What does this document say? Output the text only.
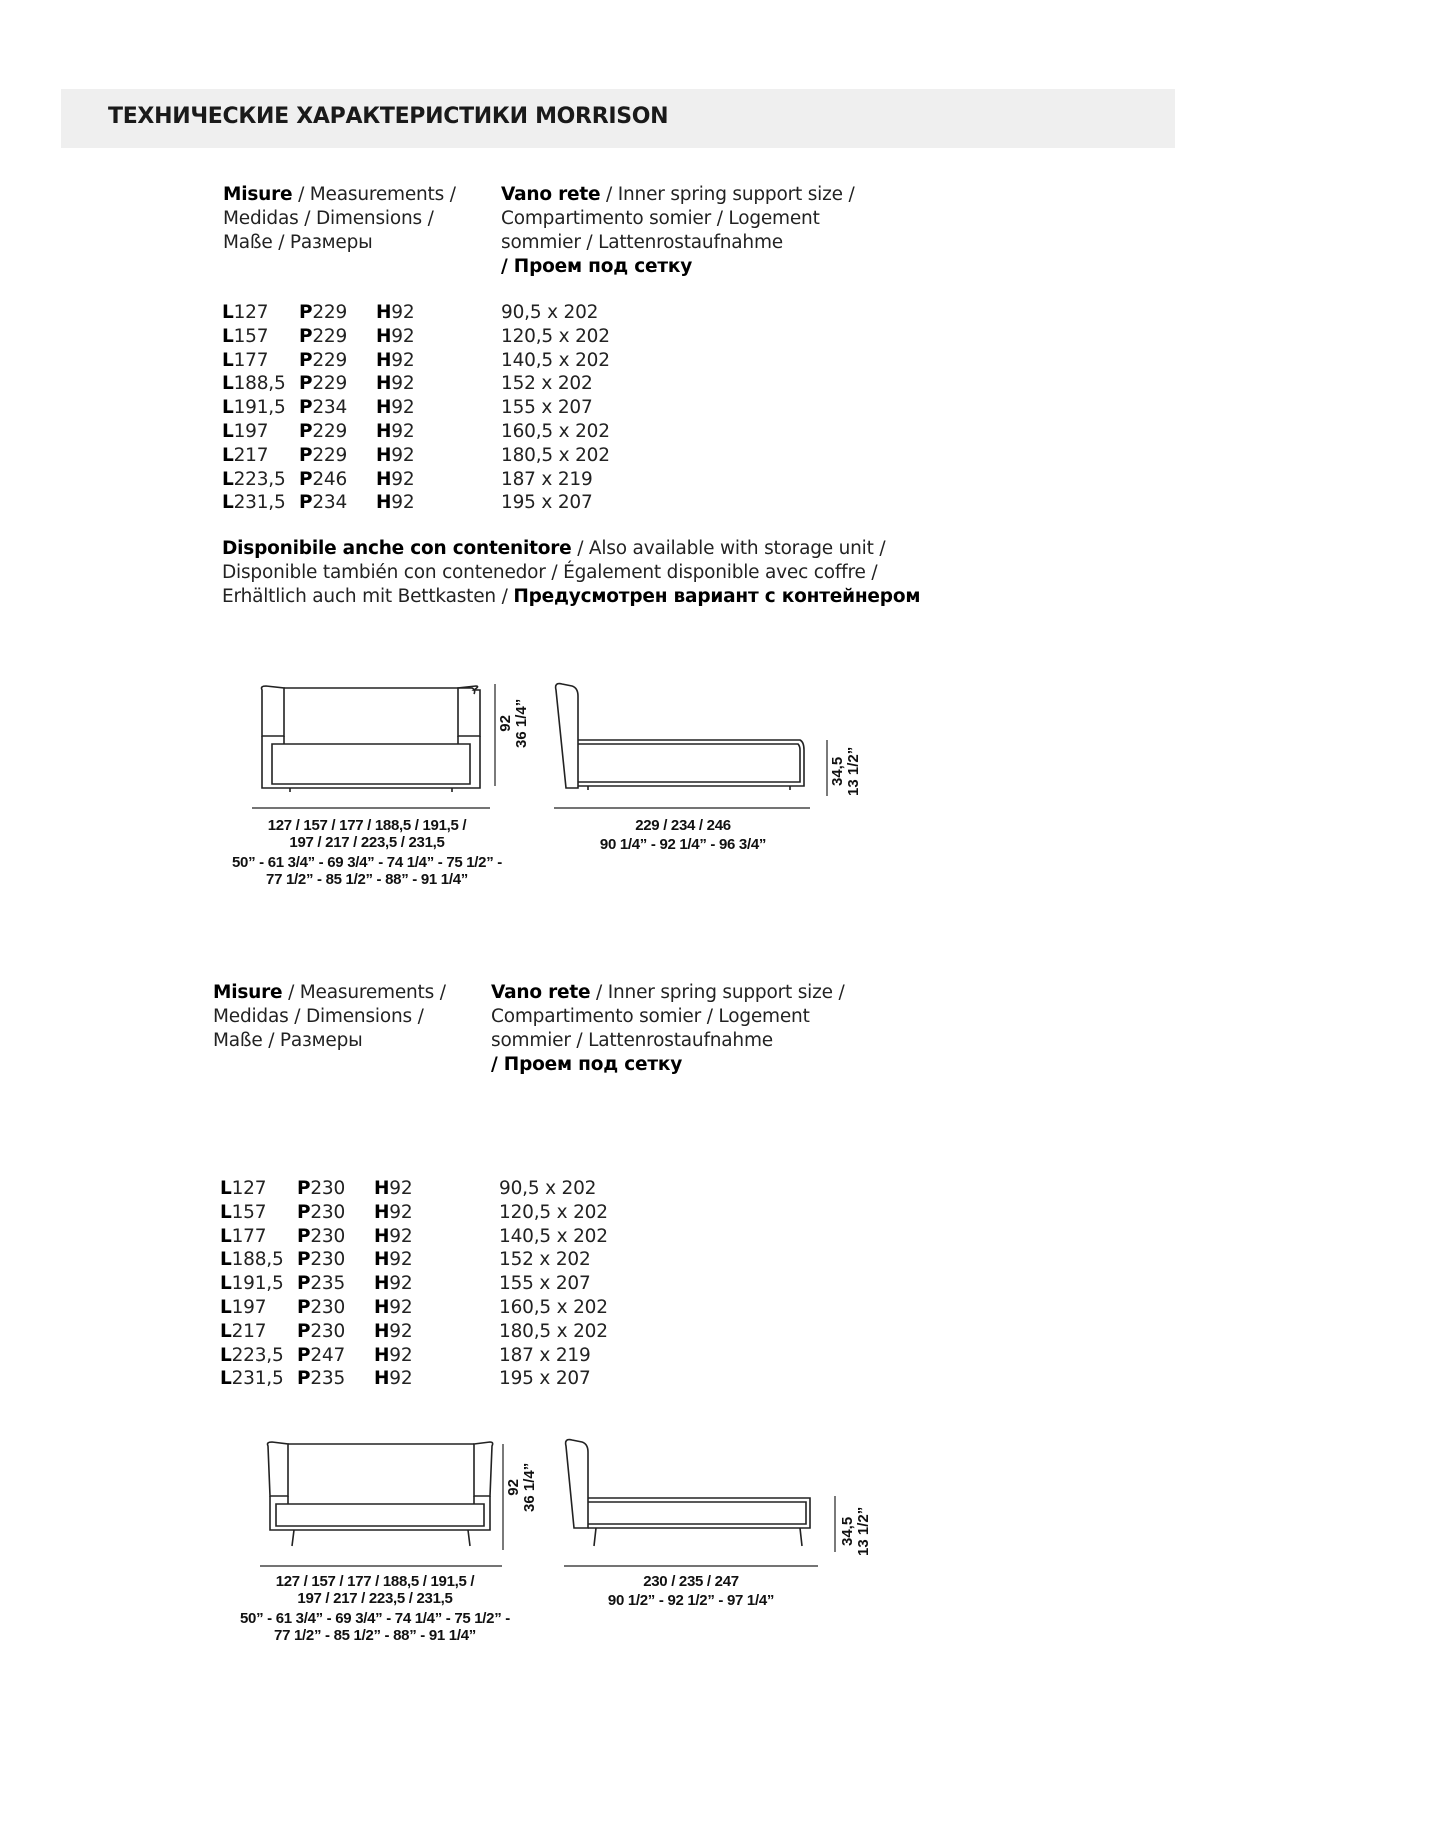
ТЕХНИЧЕСКИЕ ХАРАКТЕРИСТИКИ MORRISON
Misure / Measurements /
Medidas / Dimensions /
Maße / Размеры
Vano rete / Inner spring support size /
Compartimento somier / Logement
sommier / Lattenrostaufnahme
/ Проем под сетку
L127 P229 H92	90,5 x 202
L157 P229 H92	120,5 x 202
L177 P229 H92	140,5 x 202
L188,5 P229 H92	152 x 202
L191,5 P234 H92	155 x 207
L197 P229 H92	160,5 x 202
L217 P229 H92	180,5 x 202
L223,5 P246 H92	187 x 219
L231,5 P234 H92	195 x 207
Disponibile anche con contenitore / Also available with storage unit /
Disponible también con contenedor / Également disponible avec coffre /
Erhältlich auch mit Bettkasten / Предусмотрен вариант с контейнером
92 36 1/4”
127 / 157 / 177 / 188,5 / 191,5 /
197 / 217 / 223,5 / 231,5
50” - 61 3/4” - 69 3/4” - 74 1/4” - 75 1/2” -
77 1/2” - 85 1/2” - 88” - 91 1/4”
34,5 13 1/2”
229 / 234 / 246
90 1/4” - 92 1/4” - 96 3/4”
Misure / Measurements /
Medidas / Dimensions /
Maße / Размеры
Vano rete / Inner spring support size /
Compartimento somier / Logement
sommier / Lattenrostaufnahme
/ Проем под сетку
L127 P230 H92	90,5 x 202
L157 P230 H92	120,5 x 202
L177 P230 H92	140,5 x 202
L188,5 P230 H92	152 x 202
L191,5 P235 H92	155 x 207
L197 P230 H92	160,5 x 202
L217 P230 H92	180,5 x 202
L223,5 P247 H92	187 x 219
L231,5 P235 H92	195 x 207
92 36 1/4”
127 / 157 / 177 / 188,5 / 191,5 /
197 / 217 / 223,5 / 231,5
50” - 61 3/4” - 69 3/4” - 74 1/4” - 75 1/2” -
77 1/2” - 85 1/2” - 88” - 91 1/4”
34,5 13 1/2”
230 / 235 / 247
90 1/2” - 92 1/2” - 97 1/4”
